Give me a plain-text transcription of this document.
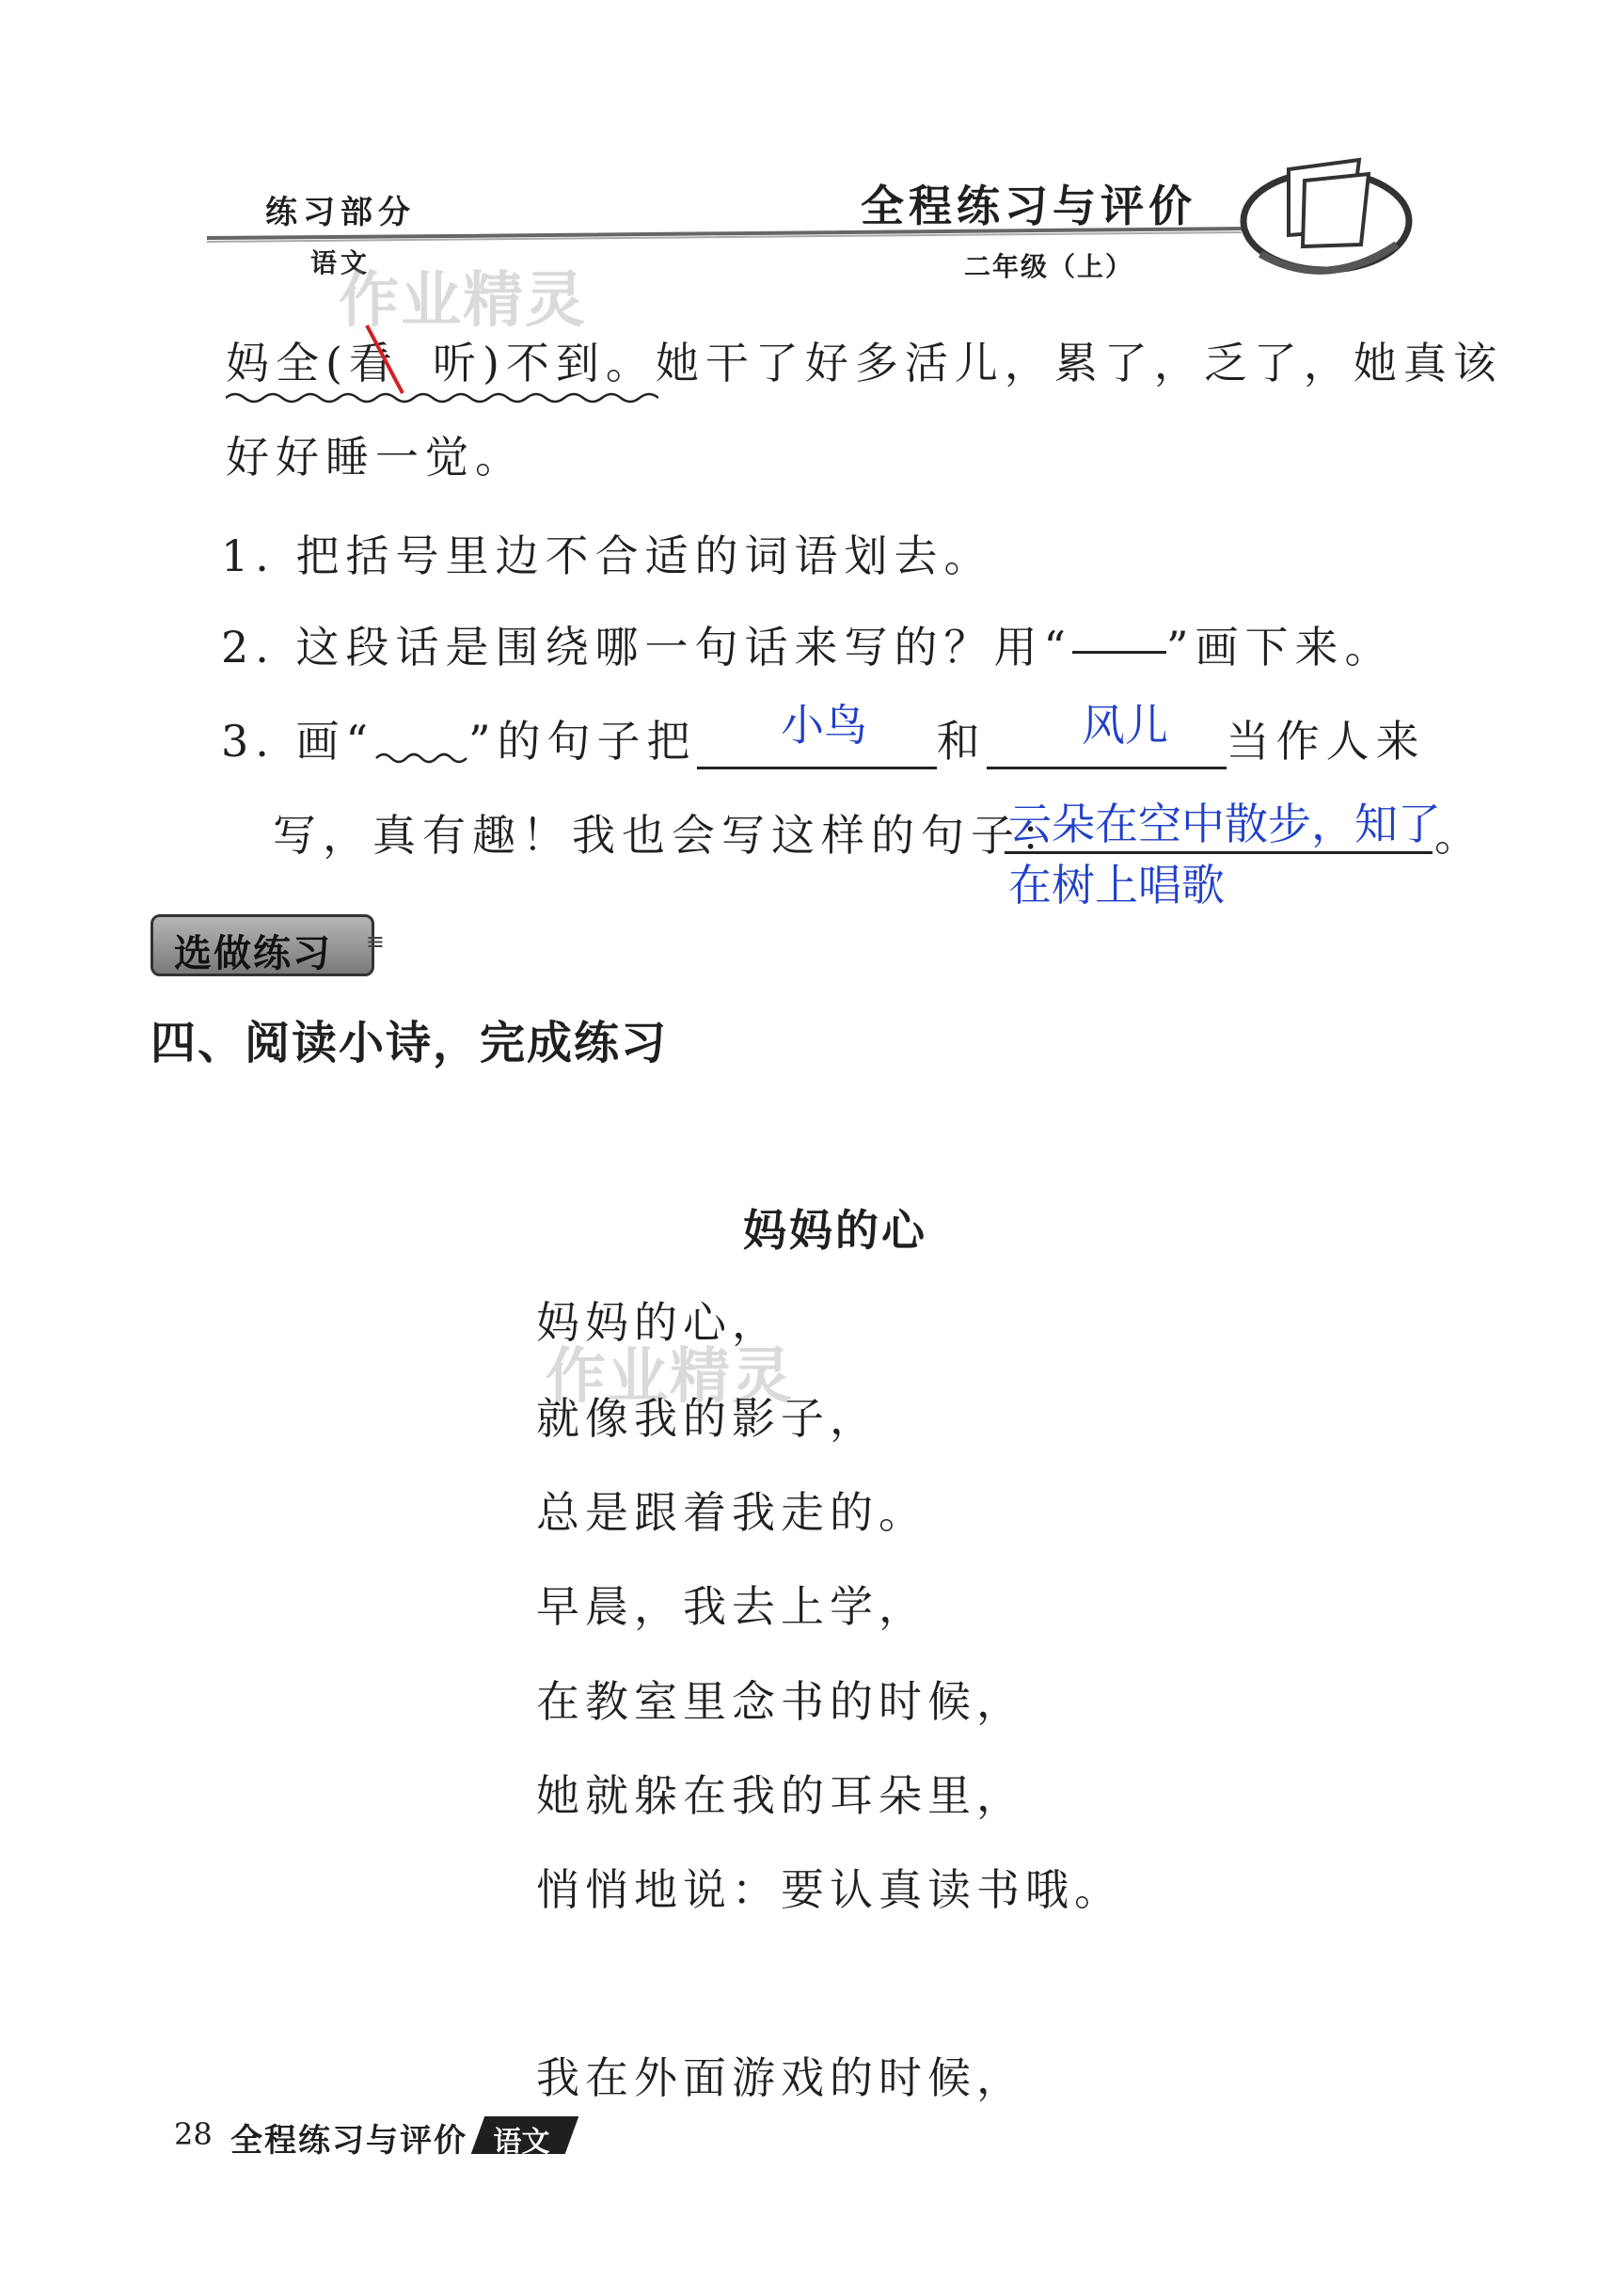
练习部分
语文
全程练习与评价
二年级（上）
作业精灵
作业精灵
妈全(看 听)不到
。她干了好多活儿，累了，乏了，她真该
好好睡一觉。
1. 把括号里边不合适的词语划去。
2. 这段话是围绕哪一句话来写的？用“ ”画下来。
3. 画“ ”的句子把	和	当作人来
小鸟	风儿
写，真有趣！我也会写这样的句子：	。
云朵在空中散步，知了
在树上唱歌
选做练习 ≡
四、阅读小诗，完成练习
妈妈的心
妈妈的心，
就像我的影子，
总是跟着我走的。
早晨，我去上学，
在教室里念书的时候，
她就躲在我的耳朵里，
悄悄地说：要认真读书哦。
我在外面游戏的时候，
28 全程练习与评价 语文
